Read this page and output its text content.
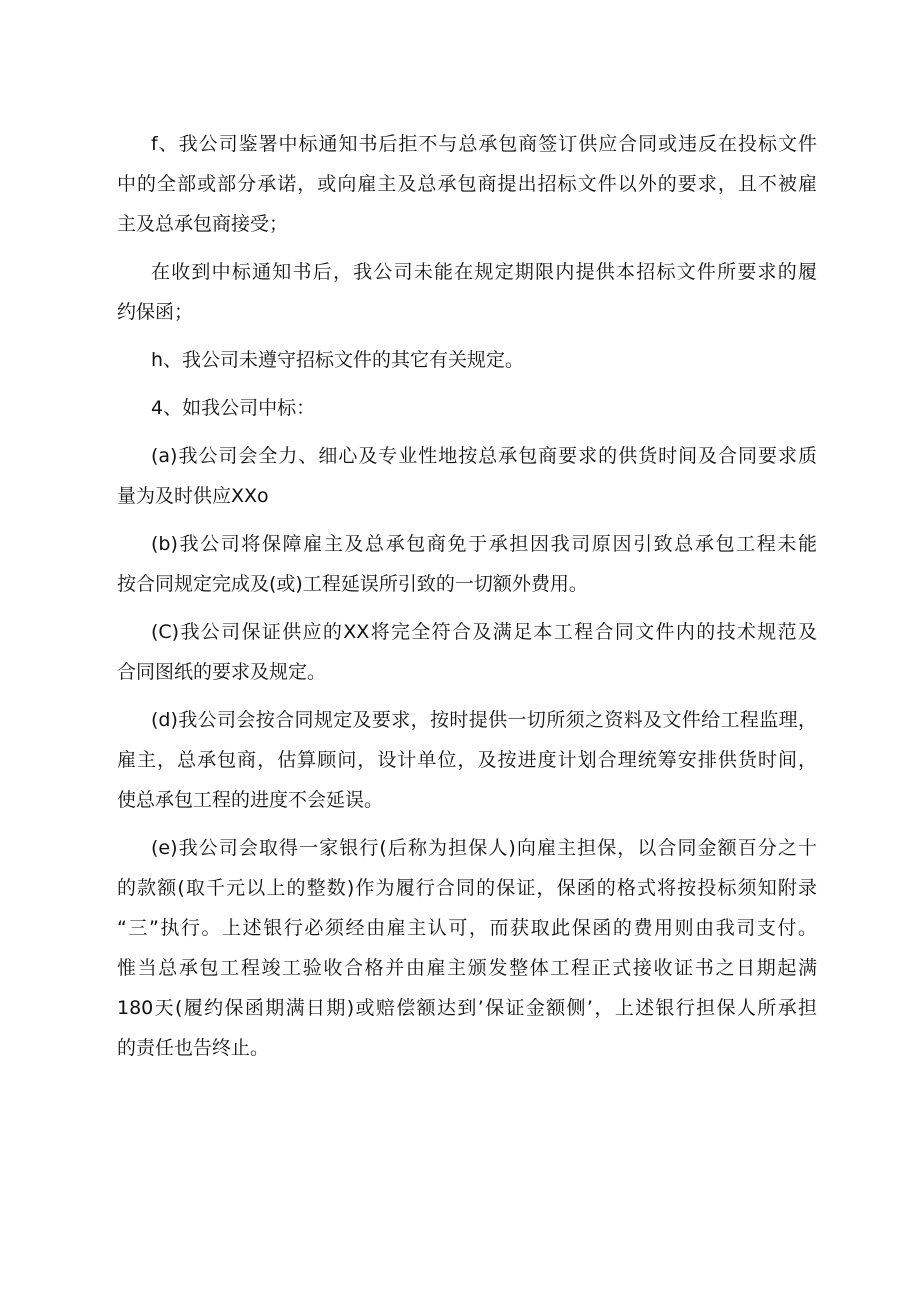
f、我公司鉴署中标通知书后拒不与总承包商签订供应合同或违反在投标文件
中的全部或部分承诺，或向雇主及总承包商提出招标文件以外的要求，且不被雇
主及总承包商接受；
在收到中标通知书后，我公司未能在规定期限内提供本招标文件所要求的履
约保函；
h、我公司未遵守招标文件的其它有关规定。
4、如我公司中标：
(a)我公司会全力、细心及专业性地按总承包商要求的供货时间及合同要求质
量为及时供应XXo
(b)我公司将保障雇主及总承包商免于承担因我司原因引致总承包工程未能
按合同规定完成及(或)工程延误所引致的一切额外费用。
(C)我公司保证供应的XX将完全符合及满足本工程合同文件内的技术规范及
合同图纸的要求及规定。
(d)我公司会按合同规定及要求，按时提供一切所须之资料及文件给工程监理，
雇主，总承包商，估算顾问，设计单位，及按进度计划合理统筹安排供货时间，
使总承包工程的进度不会延误。
(e)我公司会取得一家银行(后称为担保人)向雇主担保，以合同金额百分之十
的款额(取千元以上的整数)作为履行合同的保证，保函的格式将按投标须知附录
“三”执行。上述银行必须经由雇主认可，而获取此保函的费用则由我司支付。
惟当总承包工程竣工验收合格并由雇主颁发整体工程正式接收证书之日期起满
180天(履约保函期满日期)或赔偿额达到’保证金额侧’，上述银行担保人所承担
的责任也告终止。
